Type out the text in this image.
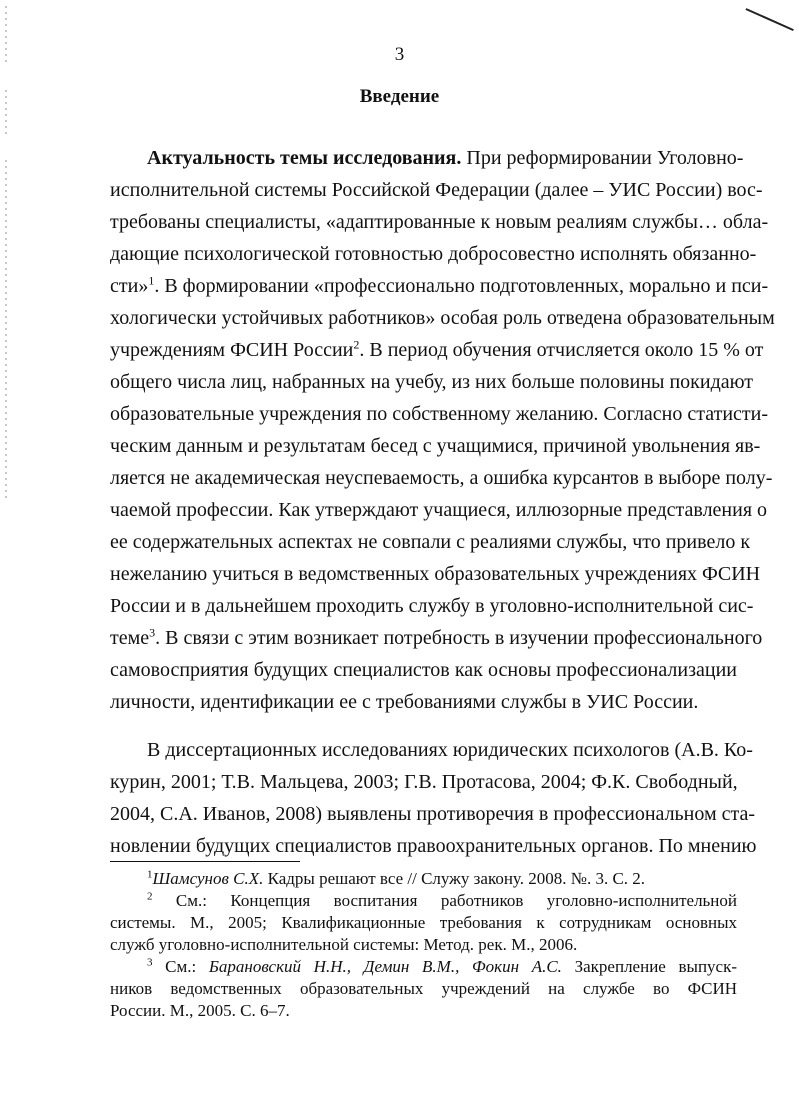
3
Введение
Актуальность темы исследования. При реформировании Уголовно-
исполнительной системы Российской Федерации (далее – УИС России) вос-
требованы специалисты, «адаптированные к новым реалиям службы… обла-
дающие психологической готовностью добросовестно исполнять обязанно-
сти»$^1$. В формировании «профессионально подготовленных, морально и пси-
хологически устойчивых работников» особая роль отведена образовательным
учреждениям ФСИН России$^2$. В период обучения отчисляется около 15 % от
общего числа лиц, набранных на учебу, из них больше половины покидают
образовательные учреждения по собственному желанию. Согласно статисти-
ческим данным и результатам бесед с учащимися, причиной увольнения яв-
ляется не академическая неуспеваемость, а ошибка курсантов в выборе полу-
чаемой профессии. Как утверждают учащиеся, иллюзорные представления о
ее содержательных аспектах не совпали с реалиями службы, что привело к
нежеланию учиться в ведомственных образовательных учреждениях ФСИН
России и в дальнейшем проходить службу в уголовно-исполнительной сис-
теме$^3$. В связи с этим возникает потребность в изучении профессионального
самовосприятия будущих специалистов как основы профессионализации
личности, идентификации ее с требованиями службы в УИС России.
В диссертационных исследованиях юридических психологов (А.В. Ко-
курин, 2001; Т.В. Мальцева, 2003; Г.В. Протасова, 2004; Ф.К. Свободный,
2004, С.А. Иванов, 2008) выявлены противоречия в профессиональном ста-
новлении будущих специалистов правоохранительных органов. По мнению
$^1$Шамсунов С.Х. Кадры решают все // Служу закону. 2008. №. 3. С. 2.
$^2$ См.: Концепция воспитания работников уголовно-исполнительной
системы. М., 2005; Квалификационные требования к сотрудникам основных
служб уголовно-исполнительной системы: Метод. рек. М., 2006.
$^3$ См.: Барановский Н.Н., Демин В.М., Фокин А.С. Закрепление выпуск-
ников ведомственных образовательных учреждений на службе во ФСИН
России. М., 2005. С. 6–7.
